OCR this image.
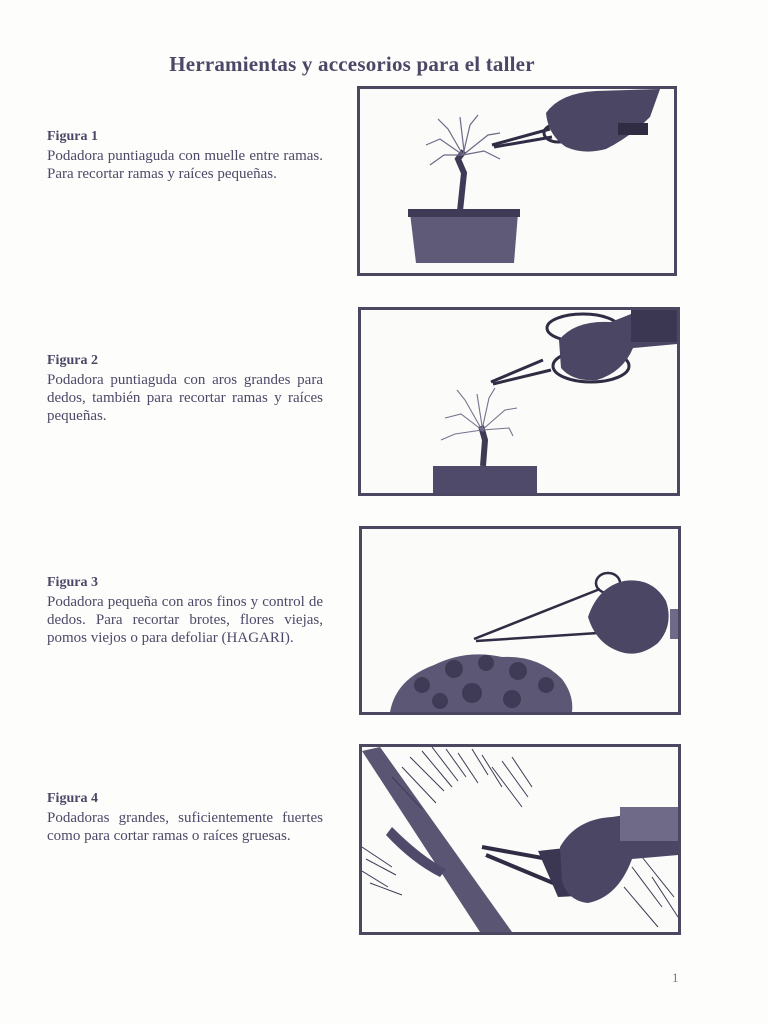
Herramientas y accesorios para el taller
Figura 1
Podadora puntiaguda con muelle entre ramas. Para recortar ramas y raíces pequeñas.
Figura 2
Podadora puntiaguda con aros grandes para dedos, también para recortar ramas y raíces pequeñas.
Figura 3
Podadora pequeña con aros finos y control de dedos. Para recortar brotes, flores viejas, pomos viejos o para defoliar (HAGARI).
Figura 4
Podadoras grandes, suficientemente fuertes como para cortar ramas o raíces gruesas.
1
